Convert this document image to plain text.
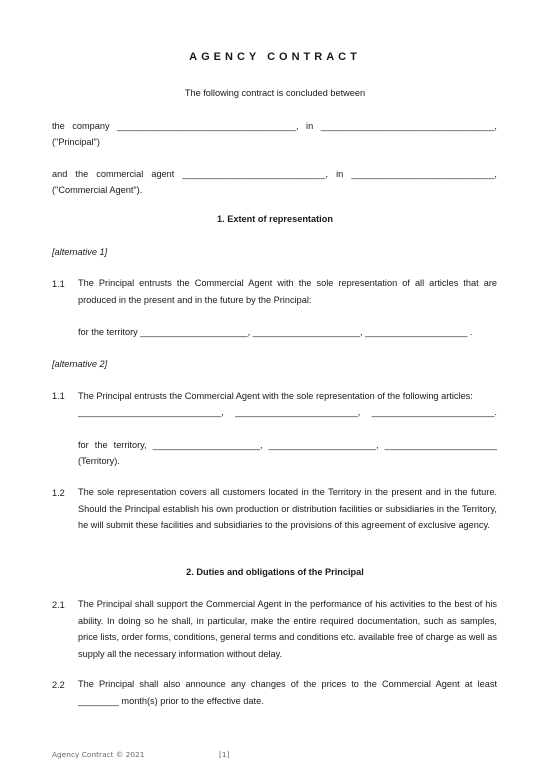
AGENCY CONTRACT
The following contract is concluded between
the company ___________________________________, in __________________________________,
("Principal")
and the commercial agent ____________________________, in ____________________________,
("Commercial Agent").
1. Extent of representation
[alternative 1]
1.1 The Principal entrusts the Commercial Agent with the sole representation of all articles that are produced in the present and in the future by the Principal:
for the territory _____________________, _____________________, ____________________ .
[alternative 2]
1.1 The Principal entrusts the Commercial Agent with the sole representation of the following articles:
____________________________, ________________________, ________________________.
for the territory, _____________________, _____________________, ______________________
(Territory).
1.2 The sole representation covers all customers located in the Territory in the present and in the future. Should the Principal establish his own production or distribution facilities or subsidiaries in the Territory, he will submit these facilities and subsidiaries to the provisions of this agreement of exclusive agency.
2. Duties and obligations of the Principal
2.1 The Principal shall support the Commercial Agent in the performance of his activities to the best of his ability. In doing so he shall, in particular, make the entire required documentation, such as samples, price lists, order forms, conditions, general terms and conditions etc. available free of charge as well as supply all the necessary information without delay.
2.2 The Principal shall also announce any changes of the prices to the Commercial Agent at least ________ month(s) prior to the effective date.
Agency Contract © 2021	[1]
